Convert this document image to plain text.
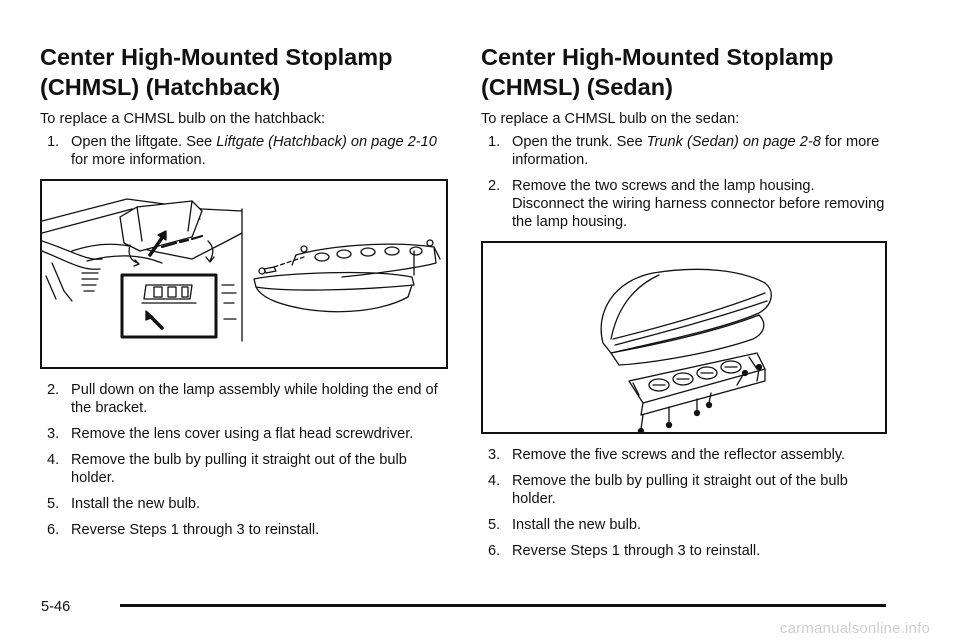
Center High-Mounted Stoplamp
(CHMSL) (Hatchback)

To replace a CHMSL bulb on the hatchback:

1. Open the liftgate. See Liftgate (Hatchback) on page 2-10 for more information.
2. Pull down on the lamp assembly while holding the end of the bracket.
3. Remove the lens cover using a flat head screwdriver.
4. Remove the bulb by pulling it straight out of the bulb holder.
5. Install the new bulb.
6. Reverse Steps 1 through 3 to reinstall.
Center High-Mounted Stoplamp
(CHMSL) (Sedan)

To replace a CHMSL bulb on the sedan:

1. Open the trunk. See Trunk (Sedan) on page 2-8 for more information.
2. Remove the two screws and the lamp housing. Disconnect the wiring harness connector before removing the lamp housing.
3. Remove the five screws and the reflector assembly.
4. Remove the bulb by pulling it straight out of the bulb holder.
5. Install the new bulb.
6. Reverse Steps 1 through 3 to reinstall.
5-46
carmanualsonline.info
